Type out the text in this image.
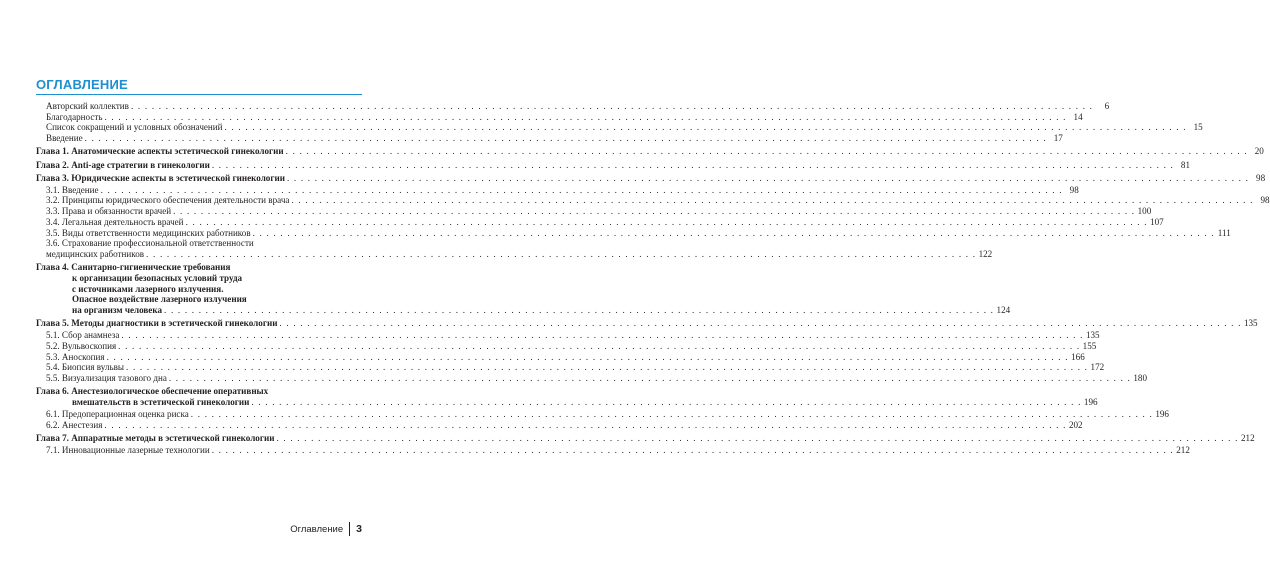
ОГЛАВЛЕНИЕ
Авторский коллектив . . .	6
Благодарность . . .	14
Список сокращений и условных обозначений . . .	15
Введение . . .	17
Глава 1. Анатомические аспекты эстетической гинекологии . . .	20
Глава 2. Anti-age стратегии в гинекологии . . .	81
Глава 3. Юридические аспекты в эстетической гинекологии . . .	98
3.1. Введение . . .	98
3.2. Принципы юридического обеспечения деятельности врача . . .	98
3.3. Права и обязанности врачей . . .	100
3.4. Легальная деятельность врачей . . .	107
3.5. Виды ответственности медицинских работников . . .	111
3.6. Страхование профессиональной ответственности
медицинских работников . . . . . . . . . . . . . . . . . . . . . . . . . . . . . . . . . . . . . . . . . . . . . . . . . . . . . . . . . . . . . . . . . . . . . . . . . . . . . . . . . . . . . . . . . . . . . . . . . . . . . . . . . . . . . . . . . . . . . . . . 122
Глава 4. Санитарно-гигиенические требования
к организации безопасных условий труда
с источниками лазерного излучения.
Опасное воздействие лазерного излучения
на организм человека . . . . . . . . . . . . . . . . . . . . . . . . . . . . . . . . . . . . . . . . . . . . . . . . . . . . . . . . . . . . . . . . . . . . . . . . . . . . . . . . . . . . . . . . . . . . . . . . . . . . . . . . . . . . . . . . . . . . . . . . 124
Глава 5. Методы диагностики в эстетической гинекологии . . .	135
5.1. Сбор анамнеза . . .	135
5.2. Вульвоскопия . . .	155
5.3. Аноскопия . . .	166
5.4. Биопсия вульвы . . .	172
5.5. Визуализация тазового дна . . .	180
Глава 6. Анестезиологическое обеспечение оперативных
вмешательств в эстетической гинекологии . . . . . . . . . . . . . . . . . . . . . . . . . . . . . . . . . . . . . . . . . . . . . . . . . . . . . . . . . . . . . . . . . . . . . . . . . . . . . . . . . . . . . . . . . . . . . . . . . . . . . . . . . . . . . . . . . . . . . . . . 196
6.1. Предоперационная оценка риска . . .	196
6.2. Анестезия . . .	202
Глава 7. Аппаратные методы в эстетической гинекологии . . .	212
7.1. Инновационные лазерные технологии . . .	212
Оглавление 3
